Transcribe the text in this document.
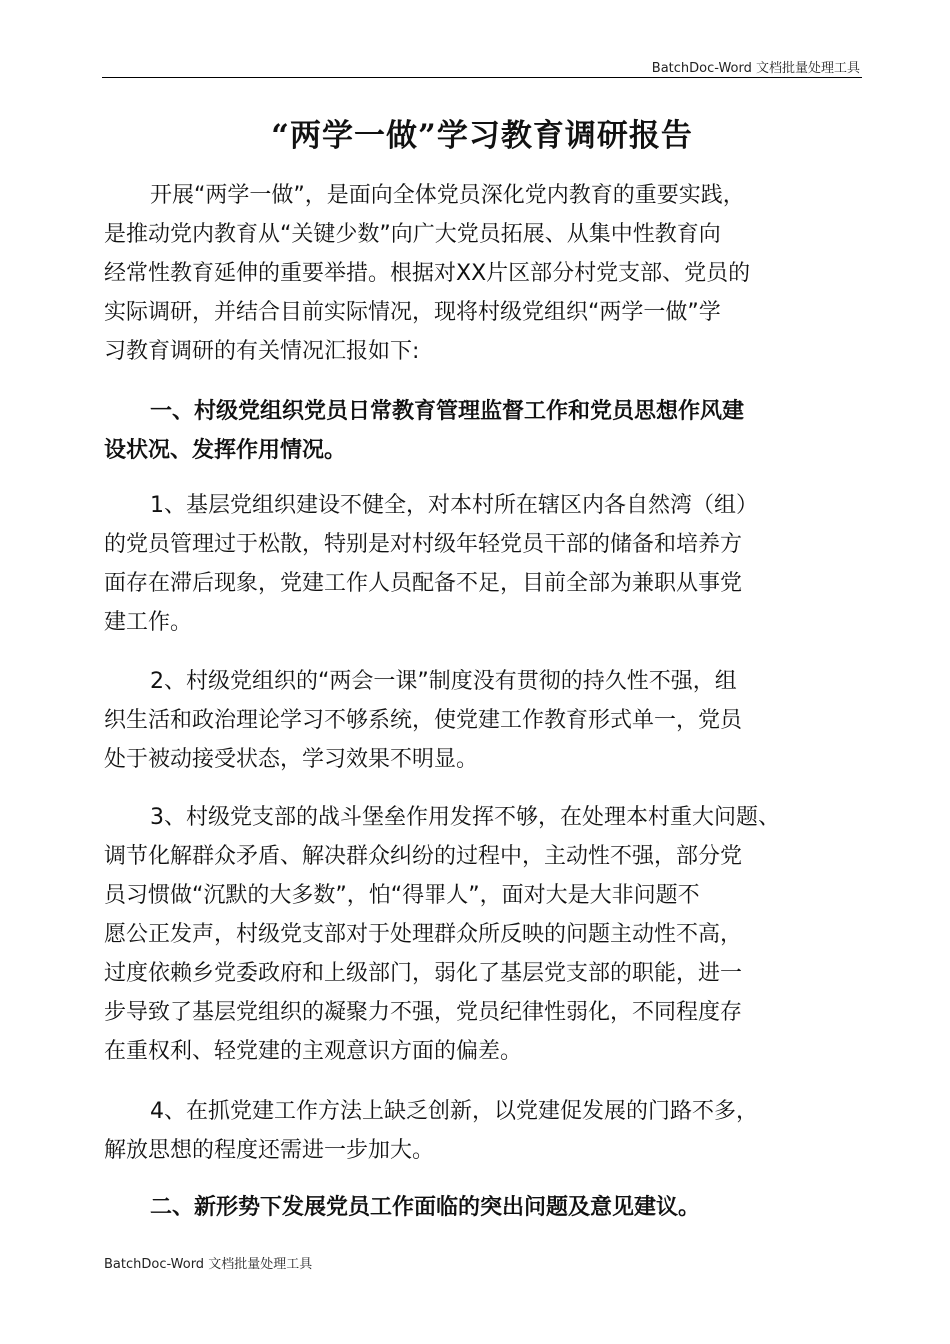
BatchDoc-Word 文档批量处理工具
“两学一做”学习教育调研报告
开展“两学一做”，是面向全体党员深化党内教育的重要实践，
是推动党内教育从“关键少数”向广大党员拓展、从集中性教育向
经常性教育延伸的重要举措。根据对XX片区部分村党支部、党员的
实际调研，并结合目前实际情况，现将村级党组织“两学一做”学
习教育调研的有关情况汇报如下:
一、村级党组织党员日常教育管理监督工作和党员思想作风建
设状况、发挥作用情况。
1、基层党组织建设不健全，对本村所在辖区内各自然湾（组）
的党员管理过于松散，特别是对村级年轻党员干部的储备和培养方
面存在滞后现象，党建工作人员配备不足，目前全部为兼职从事党
建工作。
2、村级党组织的“两会一课”制度没有贯彻的持久性不强，组
织生活和政治理论学习不够系统，使党建工作教育形式单一，党员
处于被动接受状态，学习效果不明显。
3、村级党支部的战斗堡垒作用发挥不够，在处理本村重大问题、
调节化解群众矛盾、解决群众纠纷的过程中，主动性不强，部分党
员习惯做“沉默的大多数”，怕“得罪人”，面对大是大非问题不
愿公正发声，村级党支部对于处理群众所反映的问题主动性不高，
过度依赖乡党委政府和上级部门，弱化了基层党支部的职能，进一
步导致了基层党组织的凝聚力不强，党员纪律性弱化，不同程度存
在重权利、轻党建的主观意识方面的偏差。
4、在抓党建工作方法上缺乏创新，以党建促发展的门路不多，
解放思想的程度还需进一步加大。
二、新形势下发展党员工作面临的突出问题及意见建议。
BatchDoc-Word 文档批量处理工具
